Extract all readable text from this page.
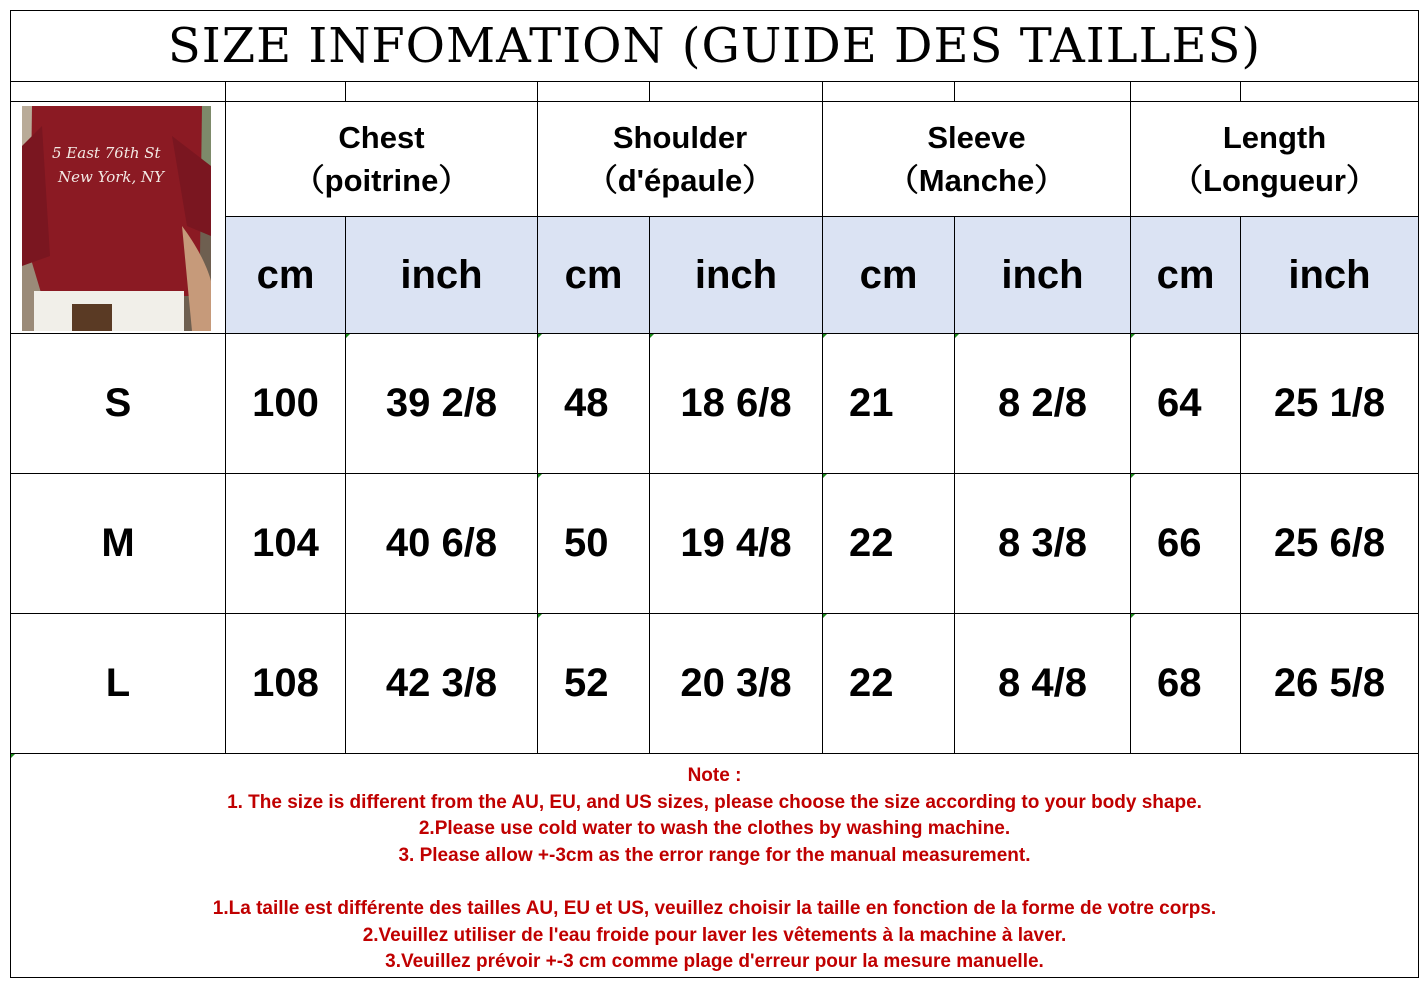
SIZE INFOMATION (GUIDE DES TAILLES)
Chest
（poitrine）
Shoulder
（d'épaule）
Sleeve
（Manche）
Length
（Longueur）
cm	inch	cm	inch	cm	inch	cm	inch
S	100	39 2/8	48	18 6/8	21	8 2/8	64	25 1/8
M	104	40 6/8	50	19 4/8	22	8 3/8	66	25 6/8
L	108	42 3/8	52	20 3/8	22	8 4/8	68	26 5/8
Note :
1. The size is different from the AU, EU, and US sizes, please choose the size according to your body shape.
2.Please use cold water to wash the clothes by washing machine.
3. Please allow +-3cm as the error range for the manual measurement.
1.La taille est différente des tailles AU, EU et US, veuillez choisir la taille en fonction de la forme de votre corps.
2.Veuillez utiliser de l'eau froide pour laver les vêtements à la machine à laver.
3.Veuillez prévoir +-3 cm comme plage d'erreur pour la mesure manuelle.
5 East 76th St
New York, NY
